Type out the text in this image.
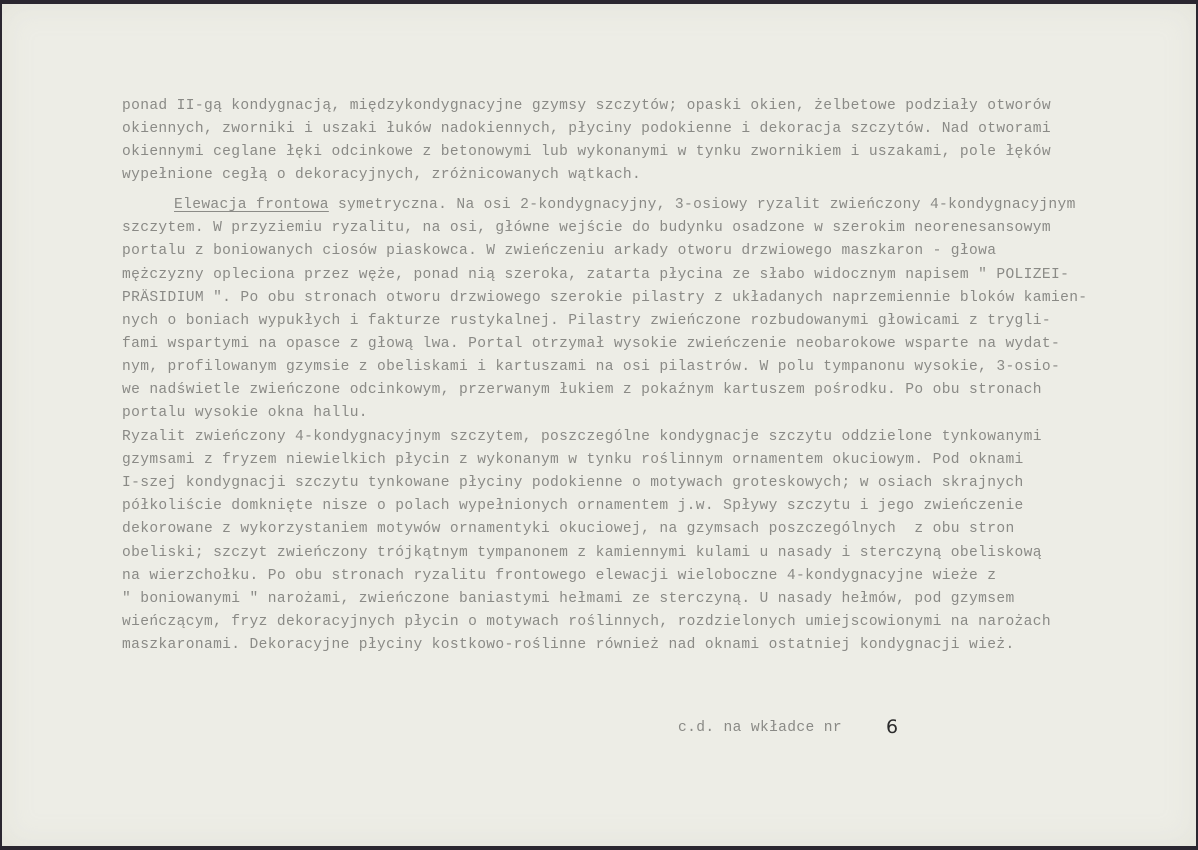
ponad II-gą kondygnacją, międzykondygnacyjne gzymsy szczytów; opaski okien, żelbetowe podziały otworów
okiennych, zworniki i uszaki łuków nadokiennych, płyciny podokienne i dekoracja szczytów. Nad otworami
okiennymi ceglane łęki odcinkowe z betonowymi lub wykonanymi w tynku zwornikiem i uszakami, pole łęków
wypełnione cegłą o dekoracyjnych, zróżnicowanych wątkach.
Elewacja frontowa symetryczna. Na osi 2-kondygnacyjny, 3-osiowy ryzalit zwieńczony 4-kondygnacyjnym
szczytem. W przyziemiu ryzalitu, na osi, główne wejście do budynku osadzone w szerokim neorenesansowym
portalu z boniowanych ciosów piaskowca. W zwieńczeniu arkady otworu drzwiowego maszkaron - głowa
mężczyzny opleciona przez węże, ponad nią szeroka, zatarta płycina ze słabo widocznym napisem " POLIZEI-
PRÄSIDIUM ". Po obu stronach otworu drzwiowego szerokie pilastry z układanych naprzemiennie bloków kamien-
nych o boniach wypukłych i fakturze rustykalnej. Pilastry zwieńczone rozbudowanymi głowicami z trygli-
fami wspartymi na opasce z głową lwa. Portal otrzymał wysokie zwieńczenie neobarokowe wsparte na wydat-
nym, profilowanym gzymsie z obeliskami i kartuszami na osi pilastrów. W polu tympanonu wysokie, 3-osio-
we nadświetle zwieńczone odcinkowym, przerwanym łukiem z pokaźnym kartuszem pośrodku. Po obu stronach
portalu wysokie okna hallu.
Ryzalit zwieńczony 4-kondygnacyjnym szczytem, poszczególne kondygnacje szczytu oddzielone tynkowanymi
gzymsami z fryzem niewielkich płycin z wykonanym w tynku roślinnym ornamentem okuciowym. Pod oknami
I-szej kondygnacji szczytu tynkowane płyciny podokienne o motywach groteskowych; w osiach skrajnych
półkoliście domknięte nisze o polach wypełnionych ornamentem j.w. Spływy szczytu i jego zwieńczenie
dekorowane z wykorzystaniem motywów ornamentyki okuciowej, na gzymsach poszczególnych  z obu stron
obeliski; szczyt zwieńczony trójkątnym tympanonem z kamiennymi kulami u nasady i sterczyną obeliskową
na wierzchołku. Po obu stronach ryzalitu frontowego elewacji wieloboczne 4-kondygnacyjne wieże z
" boniowanymi " narożami, zwieńczone baniastymi hełmami ze sterczyną. U nasady hełmów, pod gzymsem
wieńczącym, fryz dekoracyjnych płycin o motywach roślinnych, rozdzielonych umiejscowionymi na narożach
maszkaronami. Dekoracyjne płyciny kostkowo-roślinne również nad oknami ostatniej kondygnacji wież.
c.d. na wkładce nr 6
